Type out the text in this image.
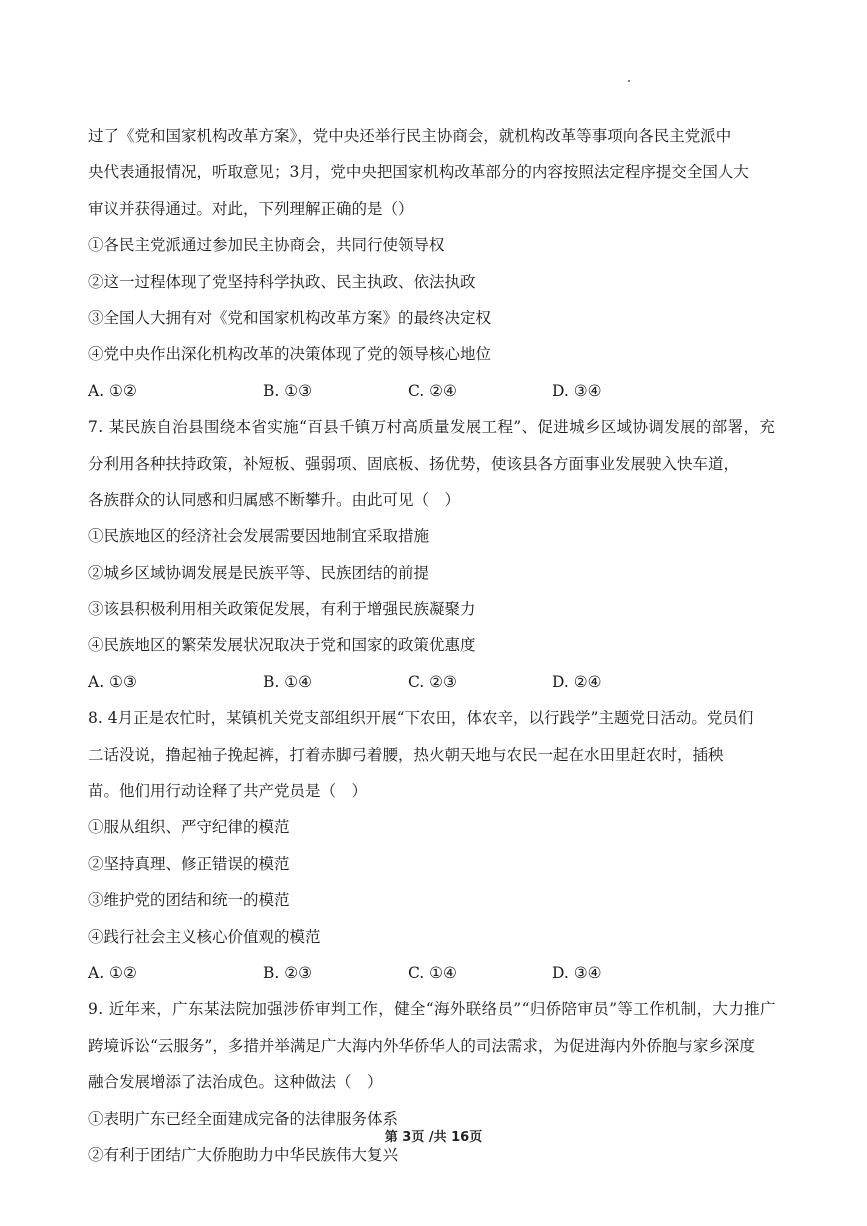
过了《党和国家机构改革方案》，党中央还举行民主协商会，就机构改革等事项向各民主党派中
央代表通报情况，听取意见；3月，党中央把国家机构改革部分的内容按照法定程序提交全国人大
审议并获得通过。对此，下列理解正确的是（）
①各民主党派通过参加民主协商会，共同行使领导权
②这一过程体现了党坚持科学执政、民主执政、依法执政
③全国人大拥有对《党和国家机构改革方案》的最终决定权
④党中央作出深化机构改革的决策体现了党的领导核心地位
A. ①②	B. ①③	C. ②④	D. ③④
7. 某民族自治县围绕本省实施“百县千镇万村高质量发展工程”、促进城乡区域协调发展的部署，充
分利用各种扶持政策，补短板、强弱项、固底板、扬优势，使该县各方面事业发展驶入快车道，
各族群众的认同感和归属感不断攀升。由此可见（　）
①民族地区的经济社会发展需要因地制宜采取措施
②城乡区域协调发展是民族平等、民族团结的前提
③该县积极利用相关政策促发展，有利于增强民族凝聚力
④民族地区的繁荣发展状况取决于党和国家的政策优惠度
A. ①③	B. ①④	C. ②③	D. ②④
8. 4月正是农忙时，某镇机关党支部组织开展“下农田，体农辛，以行践学”主题党日活动。党员们
二话没说，撸起袖子挽起裤，打着赤脚弓着腰，热火朝天地与农民一起在水田里赶农时，插秧
苗。他们用行动诠释了共产党员是（　）
①服从组织、严守纪律的模范
②坚持真理、修正错误的模范
③维护党的团结和统一的模范
④践行社会主义核心价值观的模范
A. ①②	B. ②③	C. ①④	D. ③④
9. 近年来，广东某法院加强涉侨审判工作，健全“海外联络员”“归侨陪审员”等工作机制，大力推广
跨境诉讼“云服务”，多措并举满足广大海内外华侨华人的司法需求，为促进海内外侨胞与家乡深度
融合发展增添了法治成色。这种做法（　）
①表明广东已经全面建成完备的法律服务体系
②有利于团结广大侨胞助力中华民族伟大复兴
第 3页 /共 16页
